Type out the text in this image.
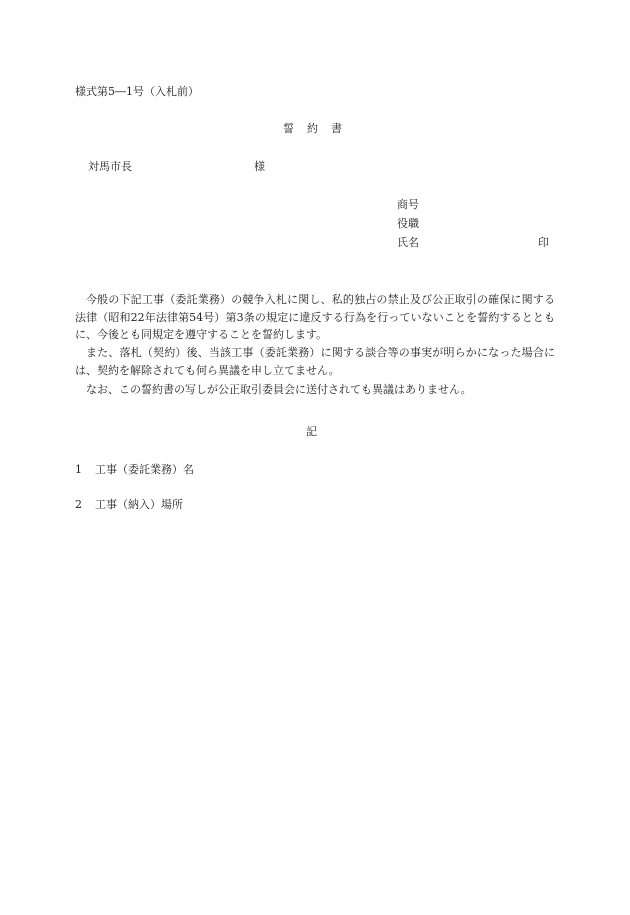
様式第5―1号（入札前）
誓　約　書
対馬市長	様
商号
役職
氏名	印
今般の下記工事（委託業務）の競争入札に関し、私的独占の禁止及び公正取引の確保に関する法律（昭和22年法律第54号）第3条の規定に違反する行為を行っていないことを誓約するとともに、今後とも同規定を遵守することを誓約します。
また、落札（契約）後、当該工事（委託業務）に関する談合等の事実が明らかになった場合には、契約を解除されても何ら異議を申し立てません。
なお、この誓約書の写しが公正取引委員会に送付されても異議はありません。
記
1 工事（委託業務）名
2 工事（納入）場所
